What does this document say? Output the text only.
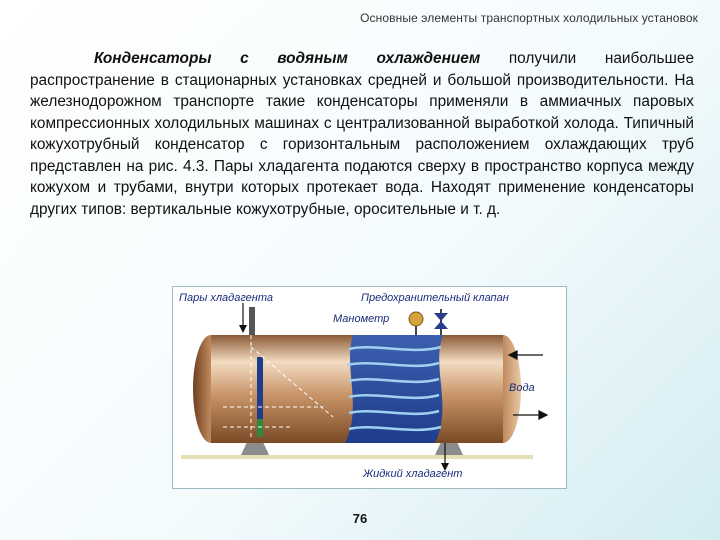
Основные элементы транспортных холодильных установок
Конденсаторы с водяным охлаждением получили наибольшее распространение в стационарных установках средней и большой производительности. На железнодорожном транспорте такие конденсаторы применяли в аммиачных паровых компрессионных холодильных машинах с централизованной выработкой холода. Типичный кожухотрубный конденсатор с горизонтальным расположением охлаждающих труб представлен на рис. 4.3. Пары хладагента подаются сверху в пространство корпуса между кожухом и трубами, внутри которых протекает вода. Находят применение конденсаторы других типов: вертикальные кожухотрубные, оросительные и т. д.
Пары хладагента	Предохранительный клапан
Манометр
Вода
Жидкий хладагент
76
